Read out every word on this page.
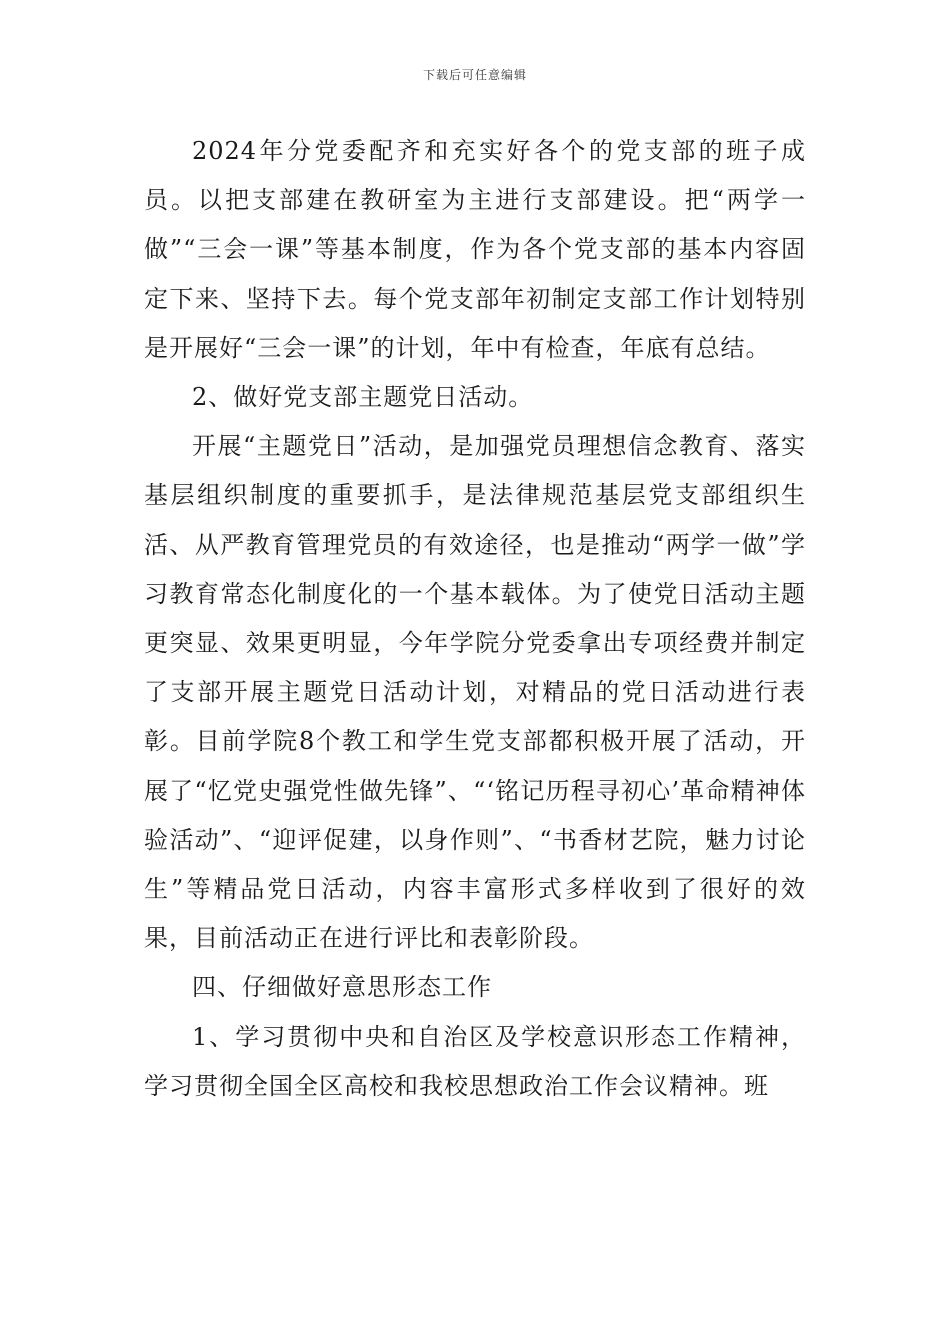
下载后可任意编辑

2024年分党委配齐和充实好各个的党支部的班子成员。以把支部建在教研室为主进行支部建设。把“两学一做”“三会一课”等基本制度，作为各个党支部的基本内容固定下来、坚持下去。每个党支部年初制定支部工作计划特别是开展好“三会一课”的计划，年中有检查，年底有总结。

2、做好党支部主题党日活动。

开展“主题党日”活动，是加强党员理想信念教育、落实基层组织制度的重要抓手，是法律规范基层党支部组织生活、从严教育管理党员的有效途径，也是推动“两学一做”学习教育常态化制度化的一个基本载体。为了使党日活动主题更突显、效果更明显，今年学院分党委拿出专项经费并制定了支部开展主题党日活动计划，对精品的党日活动进行表彰。目前学院8个教工和学生党支部都积极开展了活动，开展了“忆党史强党性做先锋”、“‘铭记历程寻初心’革命精神体验活动”、“迎评促建，以身作则”、“书香材艺院，魅力讨论生”等精品党日活动，内容丰富形式多样收到了很好的效果，目前活动正在进行评比和表彰阶段。

四、仔细做好意思形态工作

1、学习贯彻中央和自治区及学校意识形态工作精神，学习贯彻全国全区高校和我校思想政治工作会议精神。班
